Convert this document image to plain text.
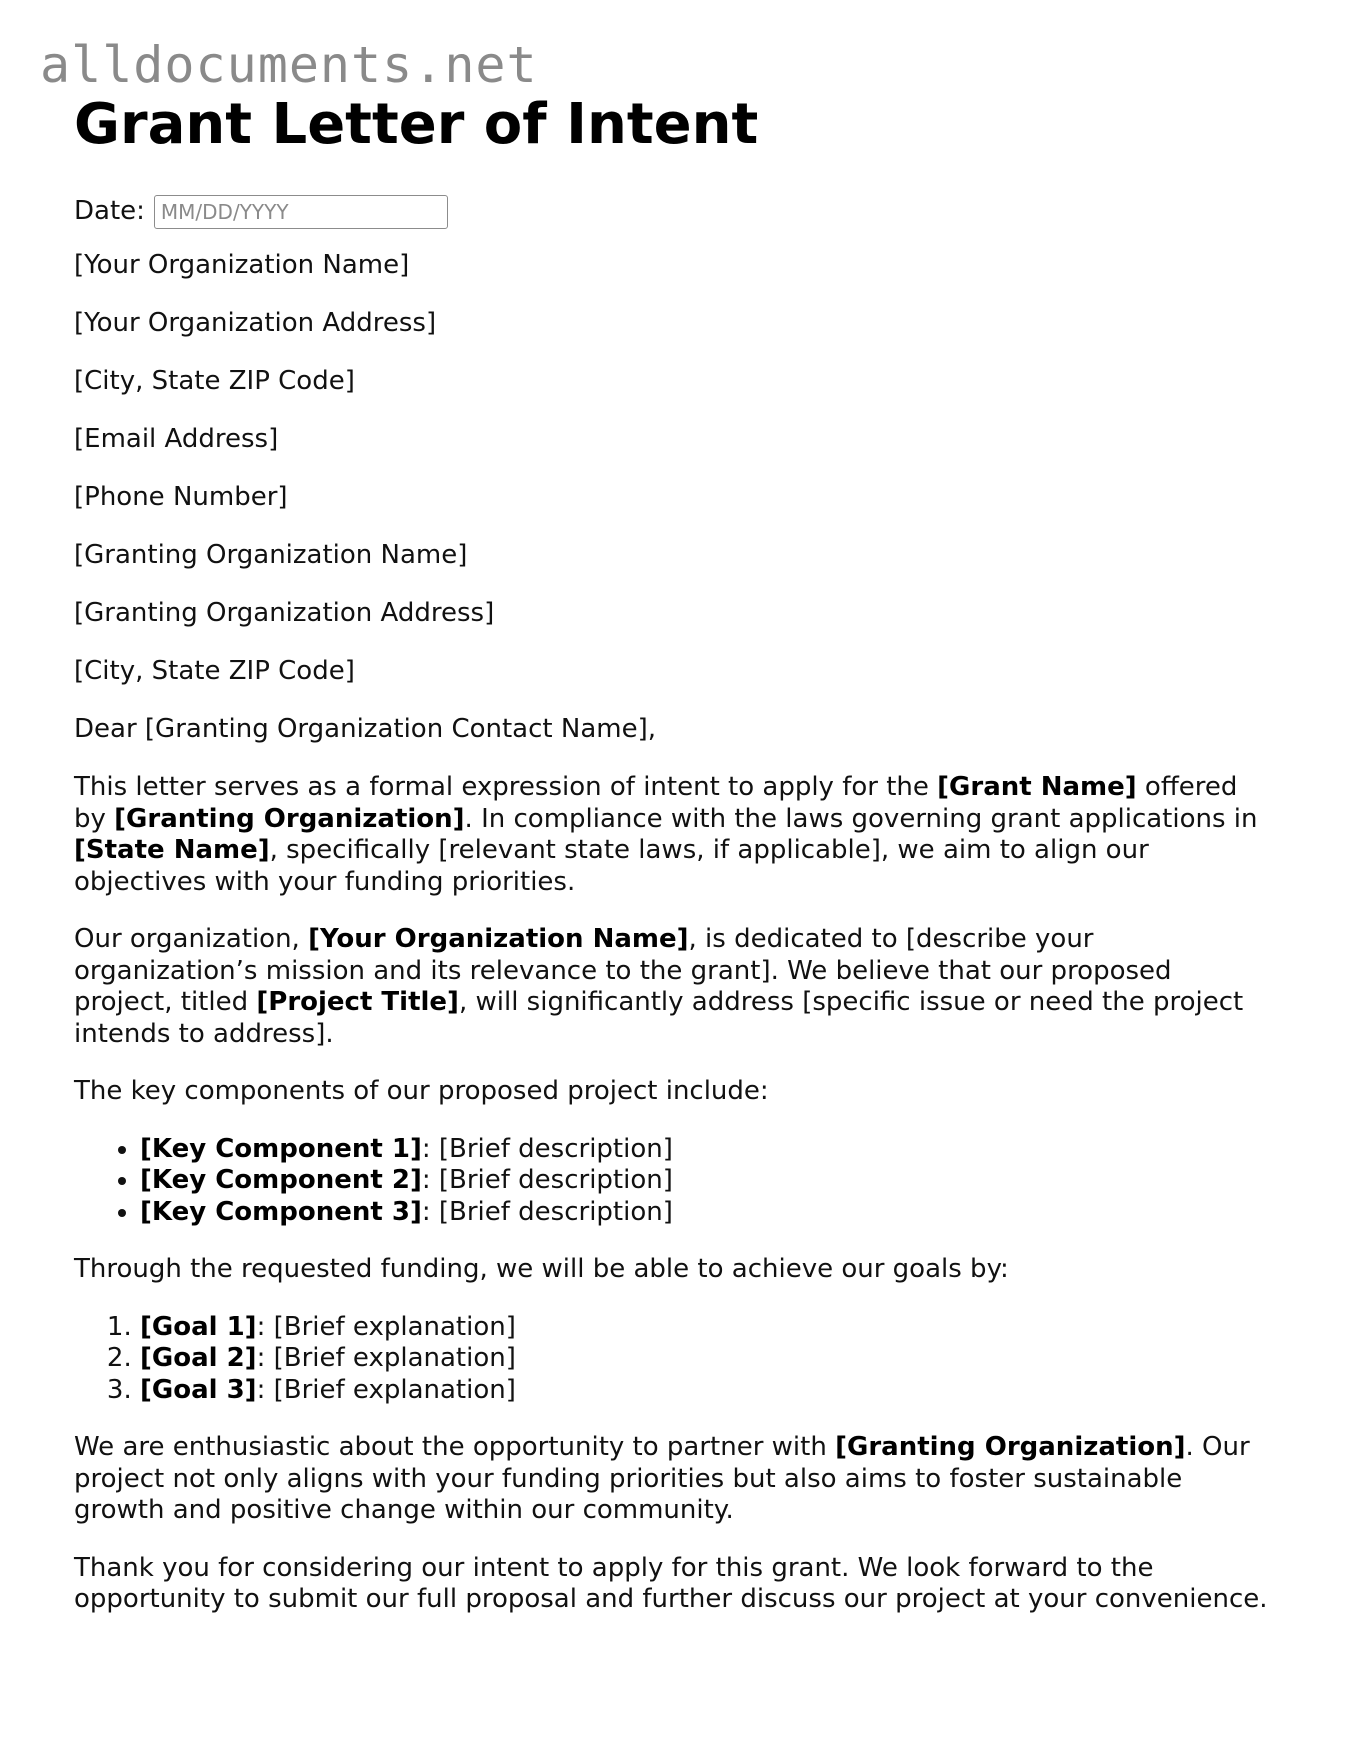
alldocuments.net
Grant Letter of Intent
Date:
MM/DD/YYYY

[Your Organization Name]

[Your Organization Address]

[City, State ZIP Code]

[Email Address]

[Phone Number]

[Granting Organization Name]

[Granting Organization Address]

[City, State ZIP Code]

Dear [Granting Organization Contact Name],

This letter serves as a formal expression of intent to apply for the [Grant Name] offered by [Granting Organization]. In compliance with the laws governing grant applications in [State Name], specifically [relevant state laws, if applicable], we aim to align our objectives with your funding priorities.

Our organization, [Your Organization Name], is dedicated to [describe your organization’s mission and its relevance to the grant]. We believe that our proposed project, titled [Project Title], will significantly address [specific issue or need the project intends to address].

The key components of our proposed project include:

• [Key Component 1]: [Brief description]
• [Key Component 2]: [Brief description]
• [Key Component 3]: [Brief description]

Through the requested funding, we will be able to achieve our goals by:

1. [Goal 1]: [Brief explanation]
2. [Goal 2]: [Brief explanation]
3. [Goal 3]: [Brief explanation]

We are enthusiastic about the opportunity to partner with [Granting Organization]. Our project not only aligns with your funding priorities but also aims to foster sustainable growth and positive change within our community.

Thank you for considering our intent to apply for this grant. We look forward to the opportunity to submit our full proposal and further discuss our project at your convenience.
